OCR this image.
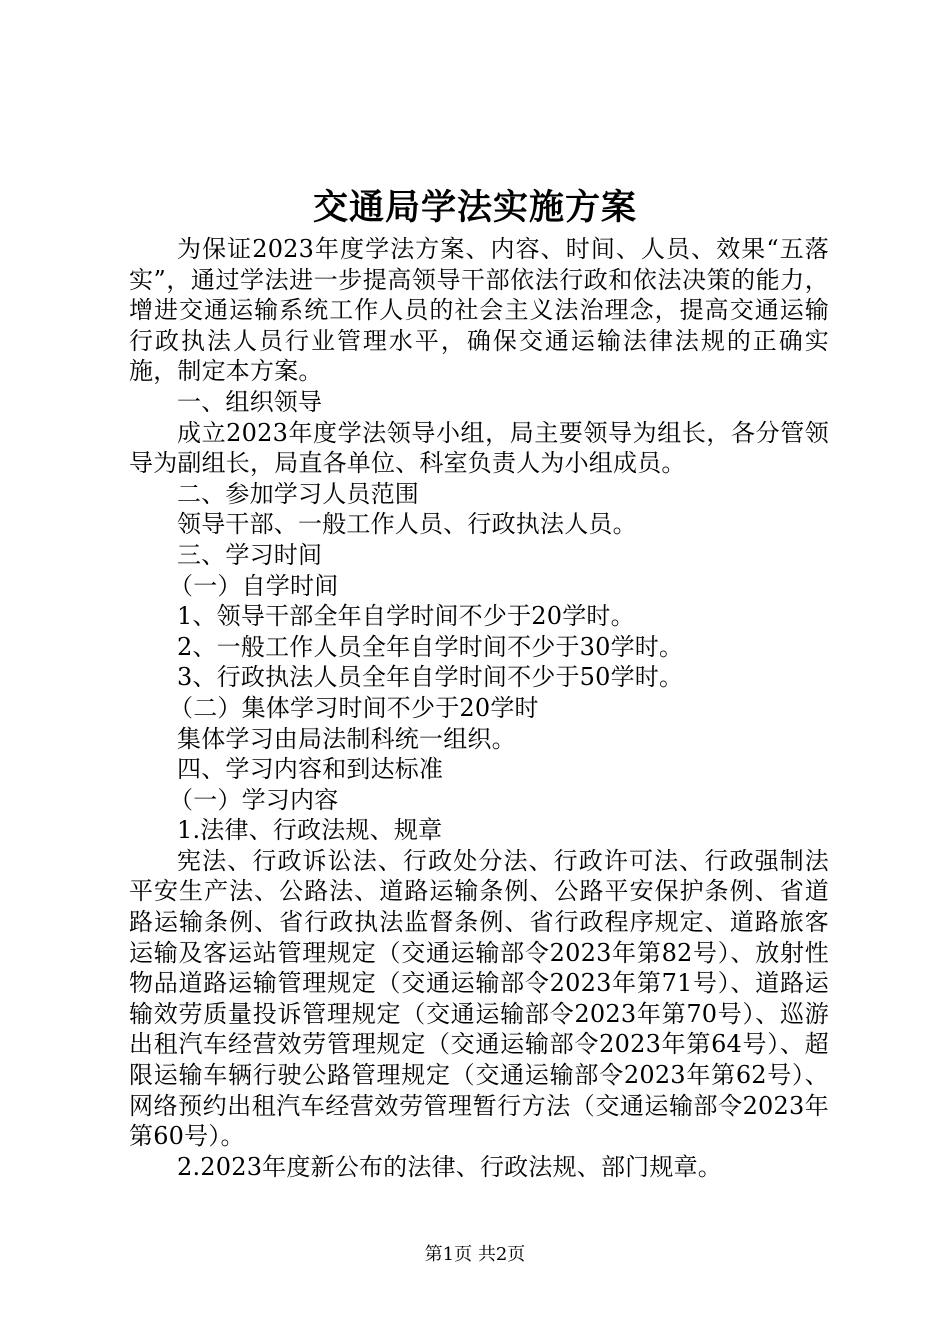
交通局学法实施方案

为保证2023年度学法方案、内容、时间、人员、效果“五落实”，通过学法进一步提高领导干部依法行政和依法决策的能力，增进交通运输系统工作人员的社会主义法治理念，提高交通运输行政执法人员行业管理水平，确保交通运输法律法规的正确实施，制定本方案。

一、组织领导

成立2023年度学法领导小组，局主要领导为组长，各分管领导为副组长，局直各单位、科室负责人为小组成员。

二、参加学习人员范围

领导干部、一般工作人员、行政执法人员。

三、学习时间

（一）自学时间

1、领导干部全年自学时间不少于20学时。

2、一般工作人员全年自学时间不少于30学时。

3、行政执法人员全年自学时间不少于50学时。

（二）集体学习时间不少于20学时

集体学习由局法制科统一组织。

四、学习内容和到达标准

（一）学习内容

1.法律、行政法规、规章

宪法、行政诉讼法、行政处分法、行政许可法、行政强制法平安生产法、公路法、道路运输条例、公路平安保护条例、省道路运输条例、省行政执法监督条例、省行政程序规定、道路旅客运输及客运站管理规定（交通运输部令2023年第82号）、放射性物品道路运输管理规定（交通运输部令2023年第71号）、道路运输效劳质量投诉管理规定（交通运输部令2023年第70号）、巡游出租汽车经营效劳管理规定（交通运输部令2023年第64号）、超限运输车辆行驶公路管理规定（交通运输部令2023年第62号）、网络预约出租汽车经营效劳管理暂行方法（交通运输部令2023年第60号）。

2.2023年度新公布的法律、行政法规、部门规章。

第1页 共2页
